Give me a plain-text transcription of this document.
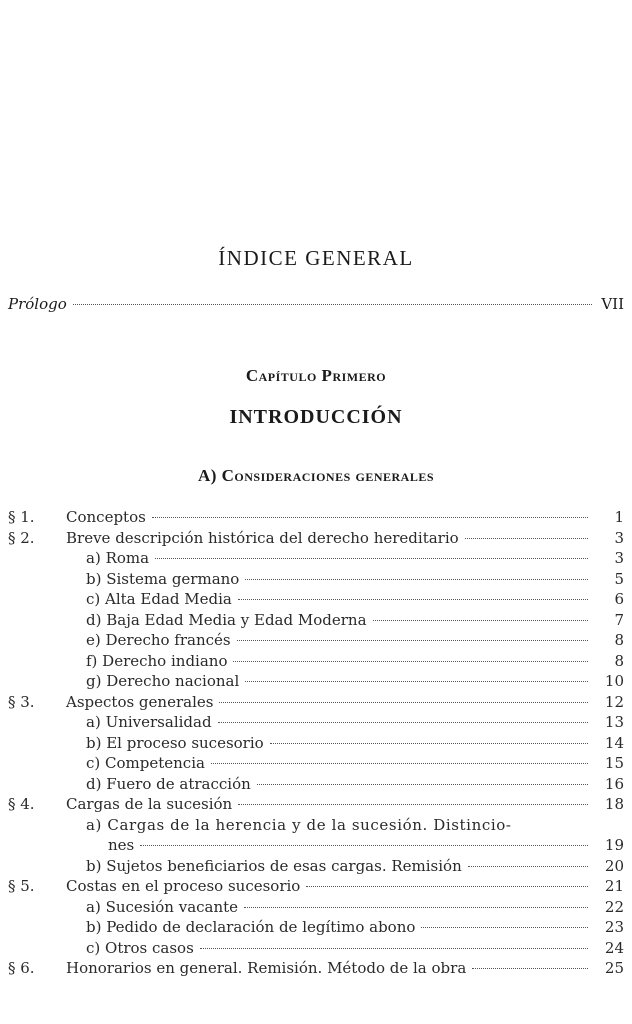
ÍNDICE GENERAL
Prólogo	VII
Capítulo Primero
INTRODUCCIÓN
A) Consideraciones generales
§ 1.	Conceptos	1
§ 2.	Breve descripción histórica del derecho hereditario	3
a) Roma	3
b) Sistema germano	5
c) Alta Edad Media	6
d) Baja Edad Media y Edad Moderna	7
e) Derecho francés	8
f) Derecho indiano	8
g) Derecho nacional	10
§ 3.	Aspectos generales	12
a) Universalidad	13
b) El proceso sucesorio	14
c) Competencia	15
d) Fuero de atracción	16
§ 4.	Cargas de la sucesión	18
a) Cargas de la herencia y de la sucesión. Distincio-
nes	19
b) Sujetos beneficiarios de esas cargas. Remisión	20
§ 5.	Costas en el proceso sucesorio	21
a) Sucesión vacante	22
b) Pedido de declaración de legítimo abono	23
c) Otros casos	24
§ 6.	Honorarios en general. Remisión. Método de la obra	25
